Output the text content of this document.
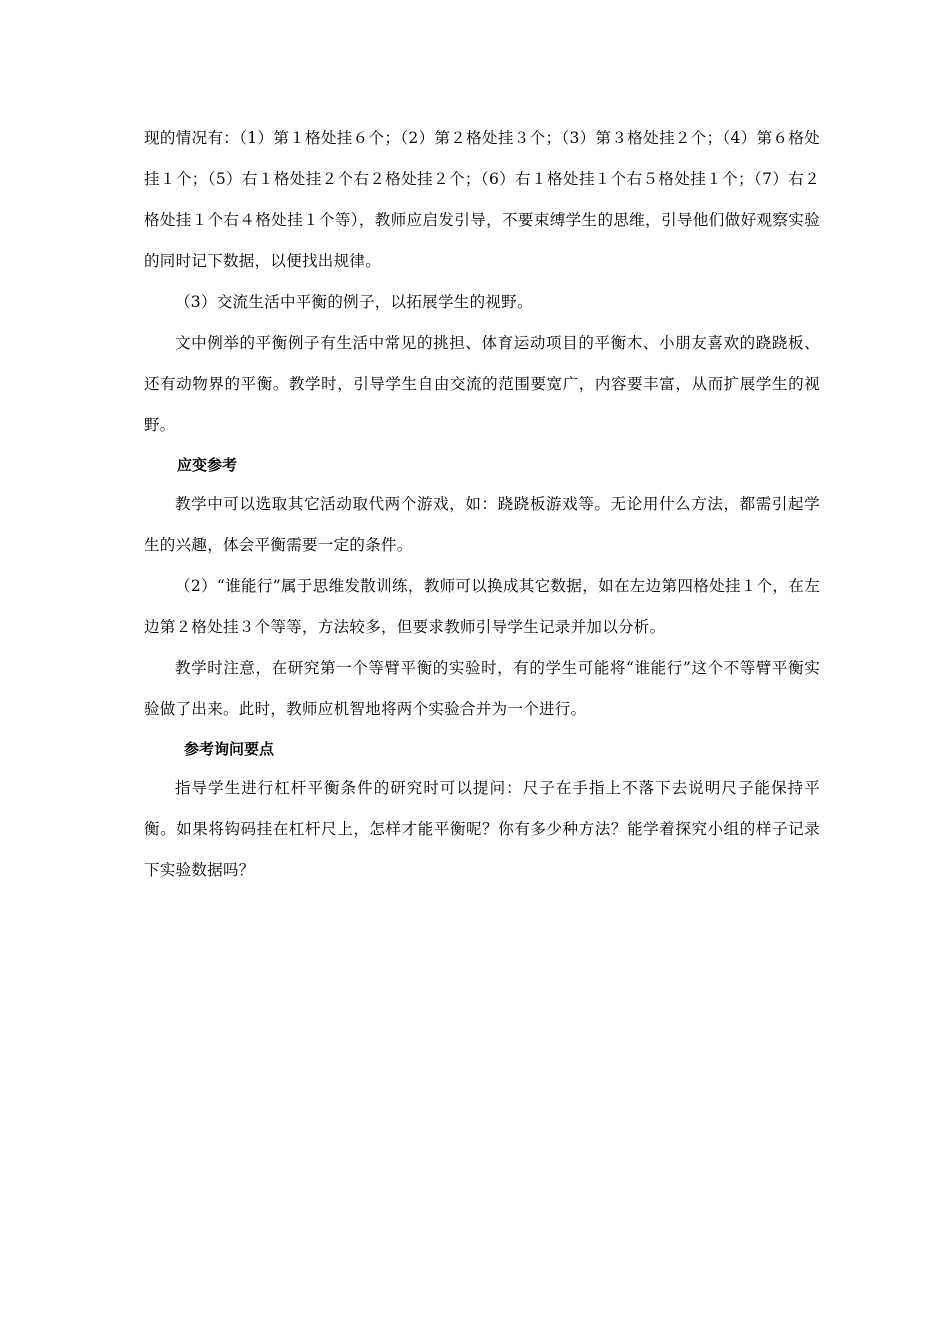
现的情况有：（1）第１格处挂６个；（2）第２格处挂３个；（3）第３格处挂２个；（4）第６格处挂１个；（5）右１格处挂２个右２格处挂２个；（6）右１格处挂１个右５格处挂１个；（7）右２格处挂１个右４格处挂１个等），教师应启发引导，不要束缚学生的思维，引导他们做好观察实验的同时记下数据，以便找出规律。

（3）交流生活中平衡的例子，以拓展学生的视野。

文中例举的平衡例子有生活中常见的挑担、体育运动项目的平衡木、小朋友喜欢的跷跷板、还有动物界的平衡。教学时，引导学生自由交流的范围要宽广，内容要丰富，从而扩展学生的视野。

应变参考

教学中可以选取其它活动取代两个游戏，如：跷跷板游戏等。无论用什么方法，都需引起学生的兴趣，体会平衡需要一定的条件。

（2）“谁能行”属于思维发散训练，教师可以换成其它数据，如在左边第四格处挂１个，在左边第２格处挂３个等等，方法较多，但要求教师引导学生记录并加以分析。

教学时注意，在研究第一个等臂平衡的实验时，有的学生可能将“谁能行”这个不等臂平衡实验做了出来。此时，教师应机智地将两个实验合并为一个进行。

参考询问要点

指导学生进行杠杆平衡条件的研究时可以提问：尺子在手指上不落下去说明尺子能保持平衡。如果将钩码挂在杠杆尺上，怎样才能平衡呢？你有多少种方法？能学着探究小组的样子记录下实验数据吗？
